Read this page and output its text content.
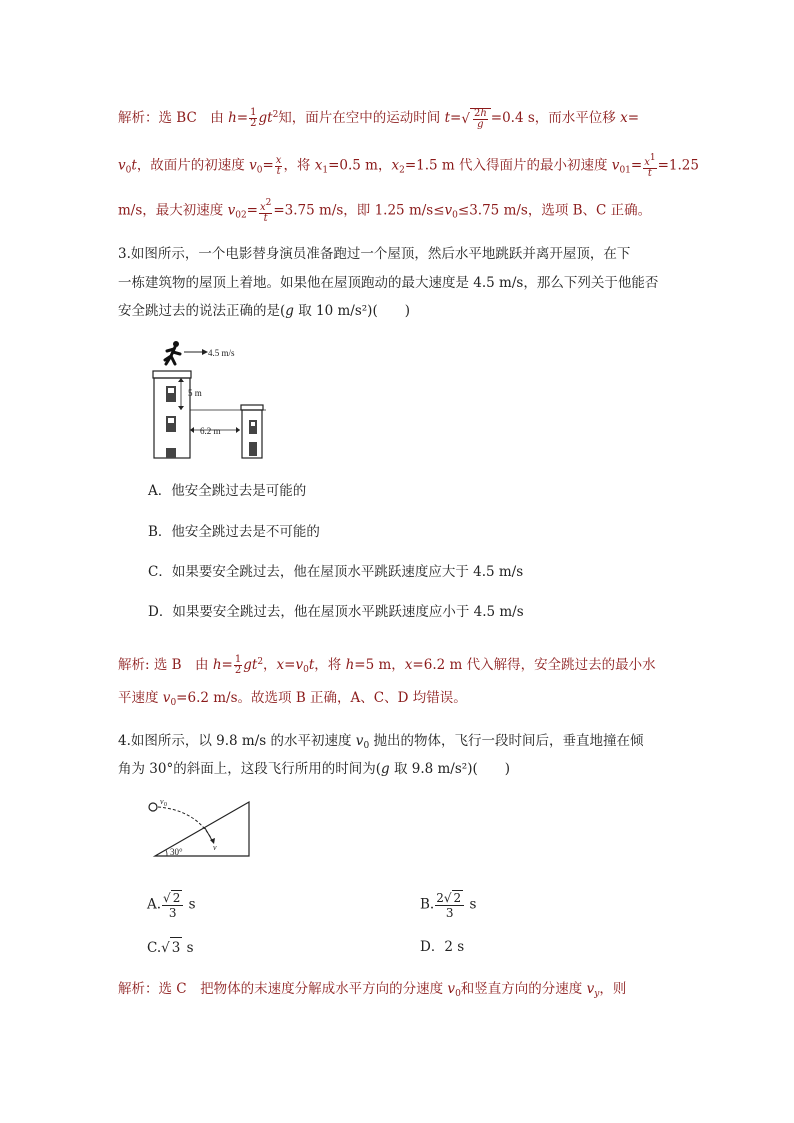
解析：选 BC　由 $h= \frac{1}{2} gt^2$知，面片在空中的运动时间 $t=√ \frac{2h}{g} =0.4$ s，而水平位移 x=
$v_0t$，故面片的初速度 $v_0= \frac{x}{t}$ ，将 $x_1=0.5$ m，$x_2=1.5$ m 代入得面片的最小初速度 $v_{01}= \frac{x^1}{t} =1.25$
m/s，最大初速度 $v_{02}= \frac{x^2}{t} =3.75$ m/s，即 1.25 $m/s\le v_0\le 3.75$ m/s，选项 B、C 正确。
3.如图所示，一个电影替身演员准备跑过一个屋顶，然后水平地跳跃并离开屋顶，在下
一栋建筑物的屋顶上着地。如果他在屋顶跑动的最大速度是 4.5 m/s，那么下列关于他能否
安全跳过去的说法正确的是(g 取 10 m/s²)(　　)
4.5 m/s
5 m
6.2 m
A．他安全跳过去是可能的
B．他安全跳过去是不可能的
C．如果要安全跳过去，他在屋顶水平跳跃速度应大于 4.5 m/s
D．如果要安全跳过去，他在屋顶水平跳跃速度应小于 4.5 m/s
解析: 选 B　由 $h= \frac{1}{2} gt^2$，$x=v_0t$，将 h=5 m，x=6.2 m 代入解得，安全跳过去的最小水
平速度 $v_0=6.2$ m/s。故选项 B 正确，A、C、D 均错误。
4.如图所示，以 9.8 m/s 的水平初速度 $v_0$ 抛出的物体，飞行一段时间后，垂直地撞在倾
角为 30°的斜面上，这段飞行所用的时间为(g 取 9.8 m/s²)(　　)
v 0
v
30°
A. $\frac{√ 2}{3}$ s	B. $\frac{2√ 2}{3}$ s
C.√ 3 s	D．2 s
解析：选 C　把物体的末速度分解成水平方向的分速度 $v_0$和竖直方向的分速度 $v_y$，则
